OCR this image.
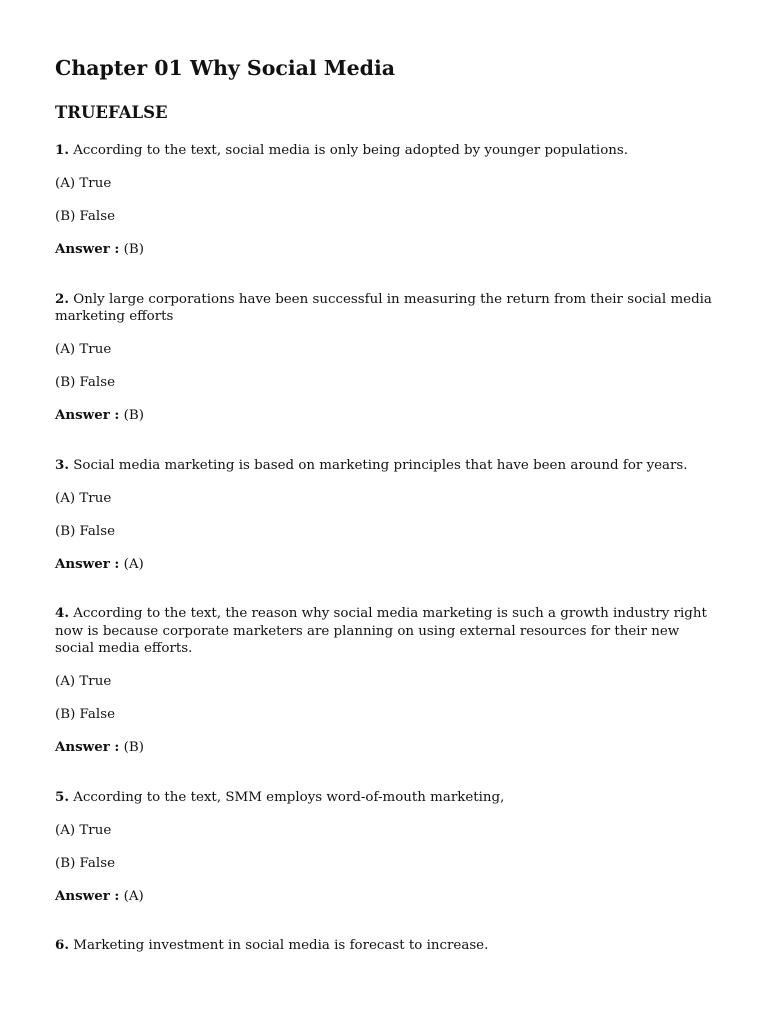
Chapter 01 Why Social Media
TRUEFALSE

1. According to the text, social media is only being adopted by younger populations.

(A) True

(B) False

Answer : (B)

2. Only large corporations have been successful in measuring the return from their social media marketing efforts

(A) True

(B) False

Answer : (B)

3. Social media marketing is based on marketing principles that have been around for years.

(A) True

(B) False

Answer : (A)

4. According to the text, the reason why social media marketing is such a growth industry right now is because corporate marketers are planning on using external resources for their new social media efforts.

(A) True

(B) False

Answer : (B)

5. According to the text, SMM employs word-of-mouth marketing,

(A) True

(B) False

Answer : (A)

6. Marketing investment in social media is forecast to increase.
